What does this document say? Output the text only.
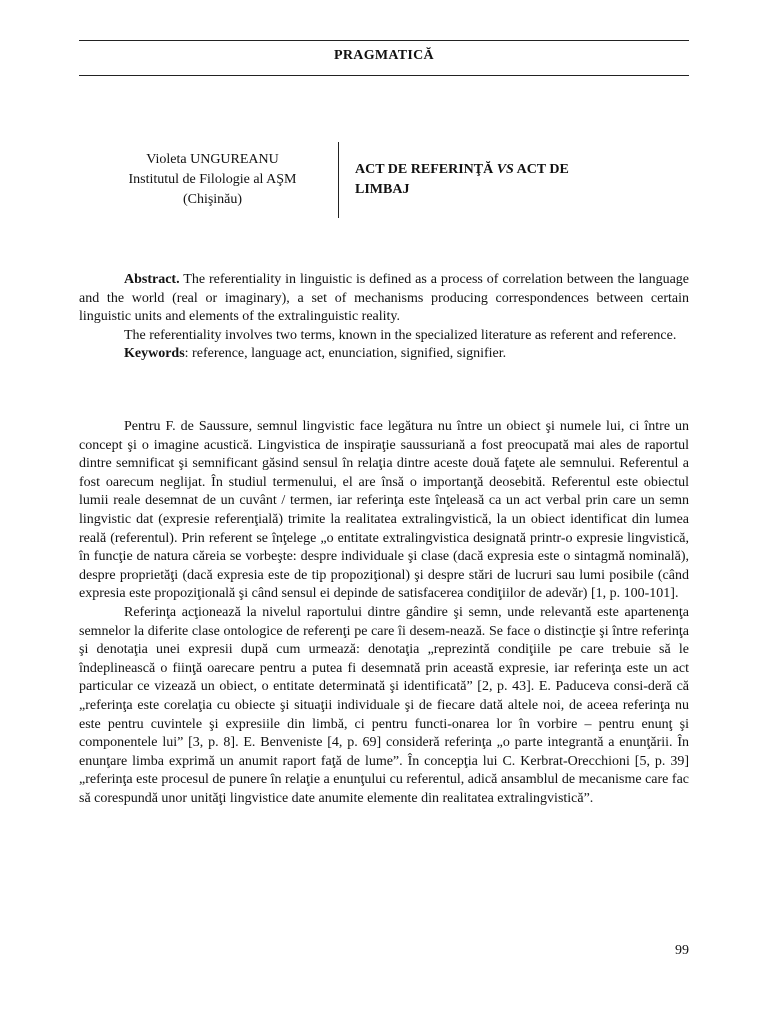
PRAGMATICĂ
Violeta UNGUREANU
Institutul de Filologie al AŞM
(Chişinău)
ACT DE REFERINŢĂ VS ACT DE LIMBAJ

Abstract. The referentiality in linguistic is defined as a process of correlation between the language and the world (real or imaginary), a set of mechanisms producing correspondences between certain linguistic units and elements of the extralinguistic reality.

The referentiality involves two terms, known in the specialized literature as referent and reference.

Keywords: reference, language act, enunciation, signified, signifier.

Pentru F. de Saussure, semnul lingvistic face legătura nu între un obiect şi numele lui, ci între un concept şi o imagine acustică. Lingvistica de inspiraţie saussuriană a fost preocupată mai ales de raportul dintre semnificat şi semnificant găsind sensul în relaţia dintre aceste două faţete ale semnului. Referentul a fost oarecum neglijat. În studiul termenului, el are însă o importanţă deosebită. Referentul este obiectul lumii reale desemnat de un cuvânt / termen, iar referinţa este înţeleasă ca un act verbal prin care un semn lingvistic dat (expresie referenţială) trimite la realitatea extralingvistică, la un obiect identificat din lumea reală (referentul). Prin referent se înţelege „o entitate extralingvistica designată printr-o expresie lingvistică, în funcţie de natura căreia se vorbeşte: despre individuale şi clase (dacă expresia este o sintagmă nominală), despre proprietăţi (dacă expresia este de tip propoziţional) şi despre stări de lucruri sau lumi posibile (când expresia este propoziţională şi când sensul ei depinde de satisfacerea condiţiilor de adevăr) [1, p. 100-101].

Referinţa acţionează la nivelul raportului dintre gândire şi semn, unde relevantă este apartenenţa semnelor la diferite clase ontologice de referenţi pe care îi desem-nează. Se face o distincţie şi între referinţa şi denotaţia unei expresii după cum urmează: denotaţia „reprezintă condiţiile pe care trebuie să le îndeplinească o fiinţă oarecare pentru a putea fi desemnată prin această expresie, iar referinţa este un act particular ce vizează un obiect, o entitate determinată şi identificată” [2, p. 43]. E. Paduceva consi-deră că „referinţa este corelaţia cu obiecte şi situaţii individuale şi de fiecare dată altele noi, de aceea referinţa nu este pentru cuvintele şi expresiile din limbă, ci pentru functi-onarea lor în vorbire – pentru enunţ şi componentele lui” [3, p. 8]. E. Benveniste [4, p. 69] consideră referinţa „o parte integrantă a enunţării. În enunţare limba exprimă un anumit raport faţă de lume”. În concepţia lui C. Kerbrat-Orecchioni [5, p. 39] „referinţa este procesul de punere în relaţie a enunţului cu referentul, adică ansamblul de mecanisme care fac să corespundă unor unităţi lingvistice date anumite elemente din realitatea extralingvistică”.

99
